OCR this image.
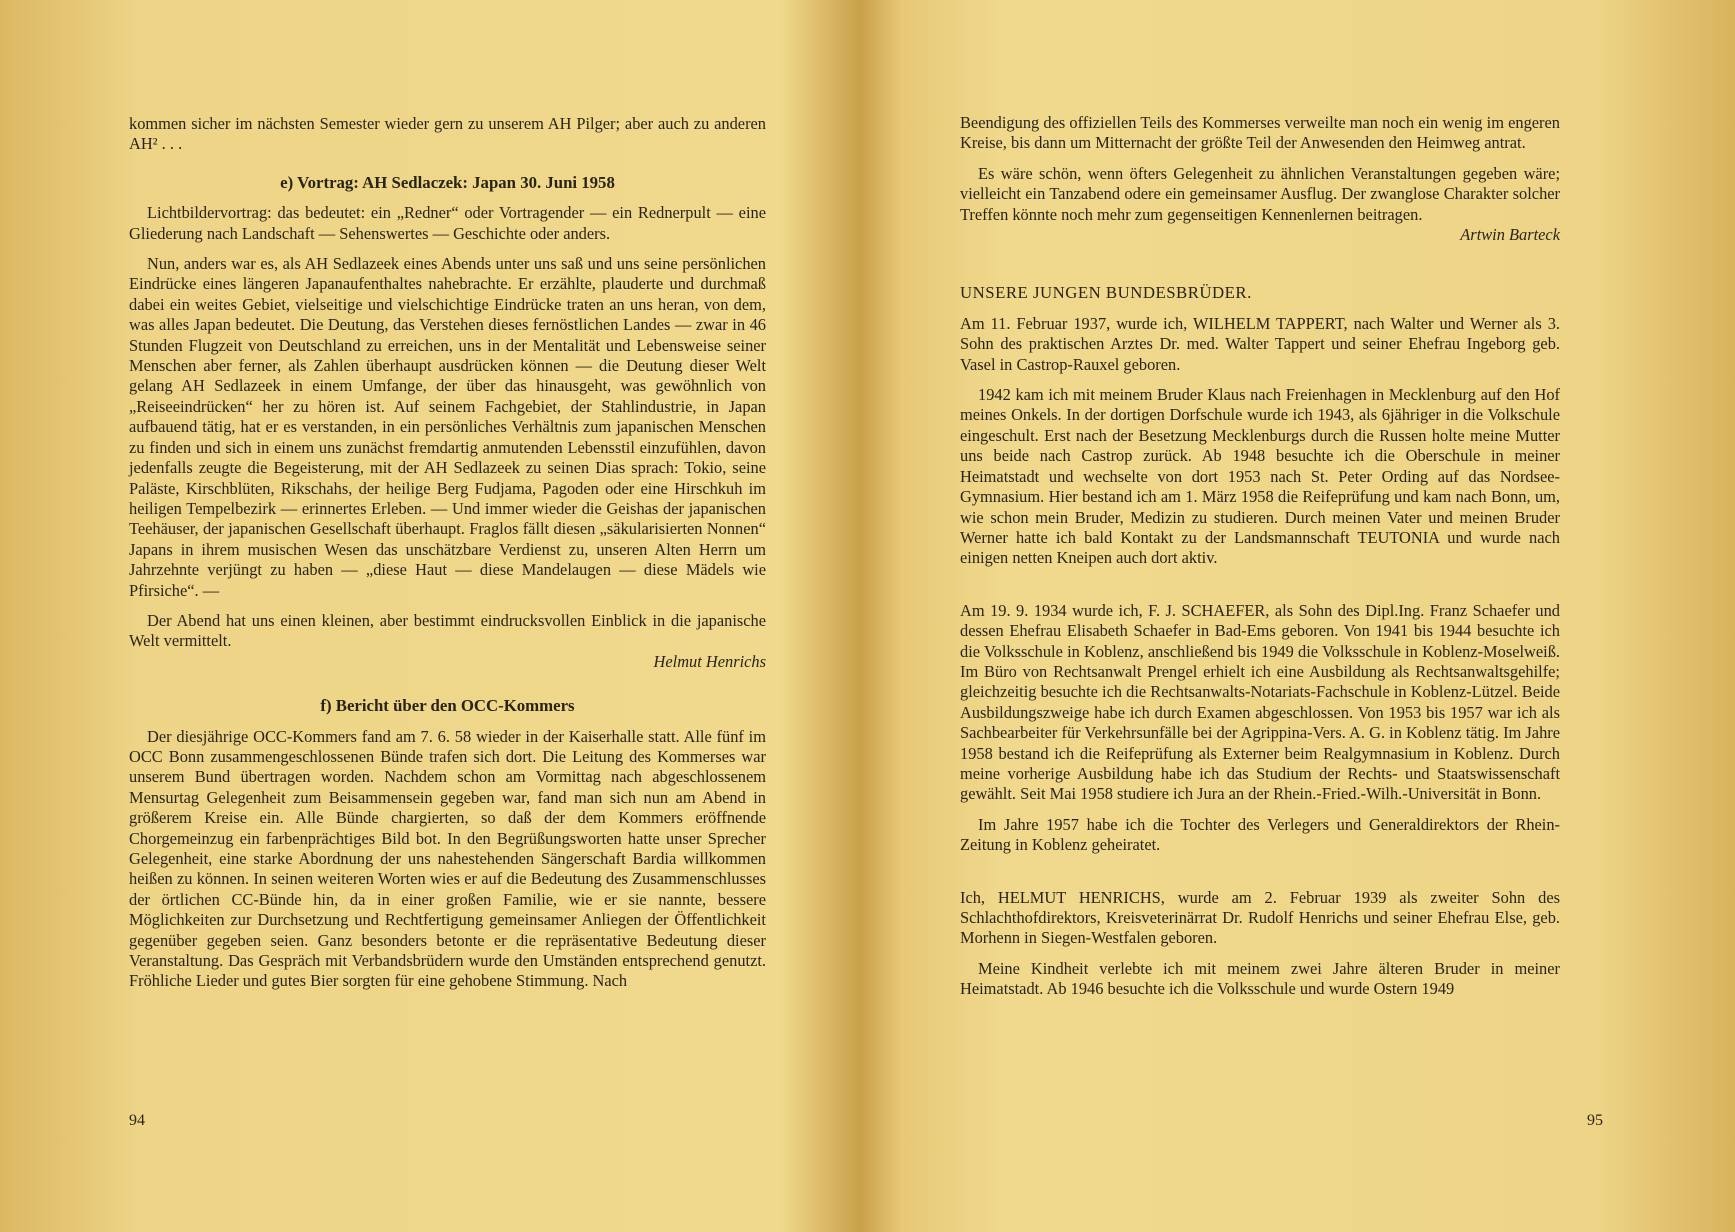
kommen sicher im nächsten Semester wieder gern zu unserem AH Pilger; aber auch zu anderen AH² . . .

e) Vortrag: AH Sedlaczek: Japan 30. Juni 1958

Lichtbildervortrag: das bedeutet: ein „Redner“ oder Vortragender — ein Rednerpult — eine Gliederung nach Landschaft — Sehenswertes — Geschichte oder anders.

Nun, anders war es, als AH Sedlazeek eines Abends unter uns saß und uns seine persönlichen Eindrücke eines längeren Japanaufenthaltes nahebrachte. Er erzählte, plauderte und durchmaß dabei ein weites Gebiet, vielseitige und vielschichtige Eindrücke traten an uns heran, von dem, was alles Japan bedeutet. Die Deutung, das Verstehen dieses fernöstlichen Landes — zwar in 46 Stunden Flugzeit von Deutschland zu erreichen, uns in der Mentalität und Lebensweise seiner Menschen aber ferner, als Zahlen überhaupt ausdrücken können — die Deutung dieser Welt gelang AH Sedlazeek in einem Umfange, der über das hinausgeht, was gewöhnlich von „Reiseeindrücken“ her zu hören ist. Auf seinem Fachgebiet, der Stahlindustrie, in Japan aufbauend tätig, hat er es verstanden, in ein persönliches Verhältnis zum japanischen Menschen zu finden und sich in einem uns zunächst fremdartig anmutenden Lebensstil einzufühlen, davon jedenfalls zeugte die Begeisterung, mit der AH Sedlazeek zu seinen Dias sprach: Tokio, seine Paläste, Kirschblüten, Rikschahs, der heilige Berg Fudjama, Pagoden oder eine Hirschkuh im heiligen Tempelbezirk — erinnertes Erleben. — Und immer wieder die Geishas der japanischen Teehäuser, der japanischen Gesellschaft überhaupt. Fraglos fällt diesen „säkularisierten Nonnen“ Japans in ihrem musischen Wesen das unschätzbare Verdienst zu, unseren Alten Herrn um Jahrzehnte verjüngt zu haben — „diese Haut — diese Mandelaugen — diese Mädels wie Pfirsiche“. —

Der Abend hat uns einen kleinen, aber bestimmt eindrucksvollen Einblick in die japanische Welt vermittelt.

Helmut Henrichs

f) Bericht über den OCC-Kommers

Der diesjährige OCC-Kommers fand am 7. 6. 58 wieder in der Kaiserhalle statt. Alle fünf im OCC Bonn zusammengeschlossenen Bünde trafen sich dort. Die Leitung des Kommerses war unserem Bund übertragen worden. Nachdem schon am Vormittag nach abgeschlossenem Mensurtag Gelegenheit zum Beisammensein gegeben war, fand man sich nun am Abend in größerem Kreise ein. Alle Bünde chargierten, so daß der dem Kommers eröffnende Chorgemeinzug ein farbenprächtiges Bild bot. In den Begrüßungsworten hatte unser Sprecher Gelegenheit, eine starke Abordnung der uns nahestehenden Sängerschaft Bardia willkommen heißen zu können. In seinen weiteren Worten wies er auf die Bedeutung des Zusammenschlusses der örtlichen CC-Bünde hin, da in einer großen Familie, wie er sie nannte, bessere Möglichkeiten zur Durchsetzung und Rechtfertigung gemeinsamer Anliegen der Öffentlichkeit gegenüber gegeben seien. Ganz besonders betonte er die repräsentative Bedeutung dieser Veranstaltung. Das Gespräch mit Verbandsbrüdern wurde den Umständen entsprechend genutzt. Fröhliche Lieder und gutes Bier sorgten für eine gehobene Stimmung. Nach

94

Beendigung des offiziellen Teils des Kommerses verweilte man noch ein wenig im engeren Kreise, bis dann um Mitternacht der größte Teil der Anwesenden den Heimweg antrat.

Es wäre schön, wenn öfters Gelegenheit zu ähnlichen Veranstaltungen gegeben wäre; vielleicht ein Tanzabend odere ein gemeinsamer Ausflug. Der zwanglose Charakter solcher Treffen könnte noch mehr zum gegenseitigen Kennenlernen beitragen.

Artwin Barteck

UNSERE JUNGEN BUNDESBRÜDER.

Am 11. Februar 1937, wurde ich, WILHELM TAPPERT, nach Walter und Werner als 3. Sohn des praktischen Arztes Dr. med. Walter Tappert und seiner Ehefrau Ingeborg geb. Vasel in Castrop-Rauxel geboren.

1942 kam ich mit meinem Bruder Klaus nach Freienhagen in Mecklenburg auf den Hof meines Onkels. In der dortigen Dorfschule wurde ich 1943, als 6jähriger in die Volkschule eingeschult. Erst nach der Besetzung Mecklenburgs durch die Russen holte meine Mutter uns beide nach Castrop zurück. Ab 1948 besuchte ich die Oberschule in meiner Heimatstadt und wechselte von dort 1953 nach St. Peter Ording auf das Nordsee-Gymnasium. Hier bestand ich am 1. März 1958 die Reifeprüfung und kam nach Bonn, um, wie schon mein Bruder, Medizin zu studieren. Durch meinen Vater und meinen Bruder Werner hatte ich bald Kontakt zu der Landsmannschaft TEUTONIA und wurde nach einigen netten Kneipen auch dort aktiv.

Am 19. 9. 1934 wurde ich, F. J. SCHAEFER, als Sohn des Dipl.Ing. Franz Schaefer und dessen Ehefrau Elisabeth Schaefer in Bad-Ems geboren. Von 1941 bis 1944 besuchte ich die Volksschule in Koblenz, anschließend bis 1949 die Volksschule in Koblenz-Moselweiß. Im Büro von Rechtsanwalt Prengel erhielt ich eine Ausbildung als Rechtsanwaltsgehilfe; gleichzeitig besuchte ich die Rechtsanwalts-Notariats-Fachschule in Koblenz-Lützel. Beide Ausbildungszweige habe ich durch Examen abgeschlossen. Von 1953 bis 1957 war ich als Sachbearbeiter für Verkehrsunfälle bei der Agrippina-Vers. A. G. in Koblenz tätig. Im Jahre 1958 bestand ich die Reifeprüfung als Externer beim Realgymnasium in Koblenz. Durch meine vorherige Ausbildung habe ich das Studium der Rechts- und Staatswissenschaft gewählt. Seit Mai 1958 studiere ich Jura an der Rhein.-Fried.-Wilh.-Universität in Bonn.

Im Jahre 1957 habe ich die Tochter des Verlegers und Generaldirektors der Rhein-Zeitung in Koblenz geheiratet.

Ich, HELMUT HENRICHS, wurde am 2. Februar 1939 als zweiter Sohn des Schlachthofdirektors, Kreisveterinärrat Dr. Rudolf Henrichs und seiner Ehefrau Else, geb. Morhenn in Siegen-Westfalen geboren.

Meine Kindheit verlebte ich mit meinem zwei Jahre älteren Bruder in meiner Heimatstadt. Ab 1946 besuchte ich die Volksschule und wurde Ostern 1949

95
